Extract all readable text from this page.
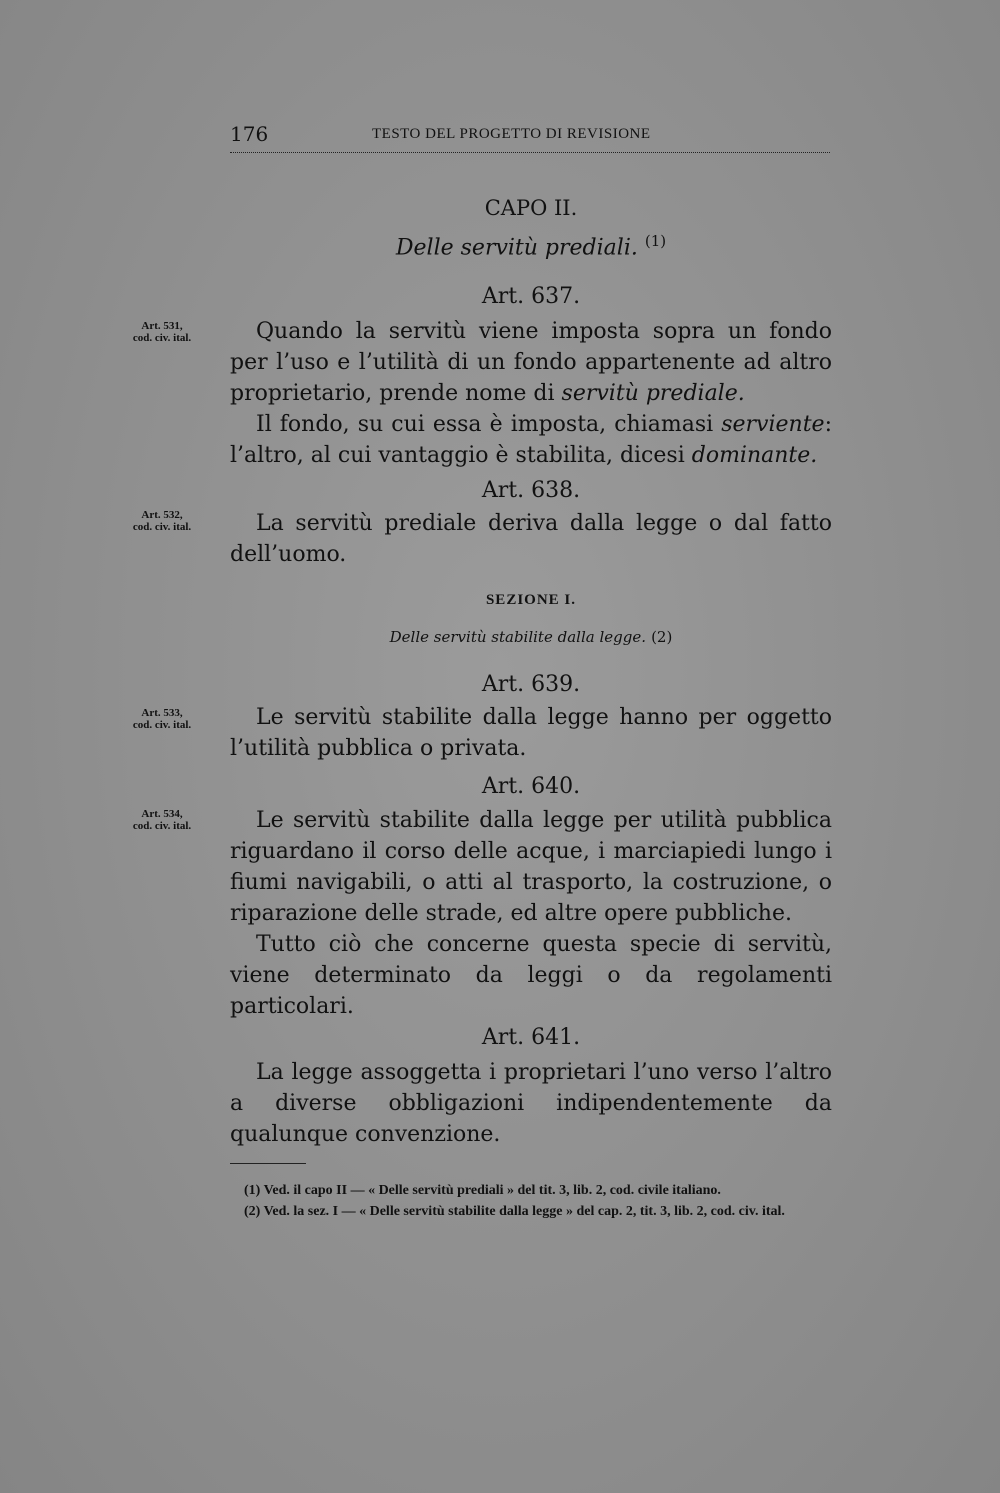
176	TESTO DEL PROGETTO DI REVISIONE
CAPO II.
Delle servitù prediali. $^{(1)}$
Art. 637.
Art. 531,
cod. civ. ital.	Quando la servitù viene imposta sopra un fondo per l’uso e l’utilità di un fondo appartenente ad altro proprietario, prende nome di servitù prediale.
Il fondo, su cui essa è imposta, chiamasi serviente: l’altro, al cui vantaggio è stabilita, dicesi dominante.
Art. 638.
Art. 532,
cod. civ. ital.	La servitù prediale deriva dalla legge o dal fatto dell’uomo.
SEZIONE I.
Delle servitù stabilite dalla legge. (2)
Art. 639.
Art. 533,
cod. civ. ital.	Le servitù stabilite dalla legge hanno per oggetto l’utilità pubblica o privata.
Art. 640.
Art. 534,
cod. civ. ital.	Le servitù stabilite dalla legge per utilità pubblica riguardano il corso delle acque, i marciapiedi lungo i fiumi navigabili, o atti al trasporto, la costruzione, o riparazione delle strade, ed altre opere pubbliche.
Tutto ciò che concerne questa specie di servitù, viene determinato da leggi o da regolamenti particolari.
Art. 641.
La legge assoggetta i proprietari l’uno verso l’altro a diverse obbligazioni indipendentemente da qualunque convenzione.

(1) Ved. il capo II — « Delle servitù prediali » del tit. 3, lib. 2, cod. civile italiano.

(2) Ved. la sez. I — « Delle servitù stabilite dalla legge » del cap. 2, tit. 3, lib. 2, cod. civ. ital.
